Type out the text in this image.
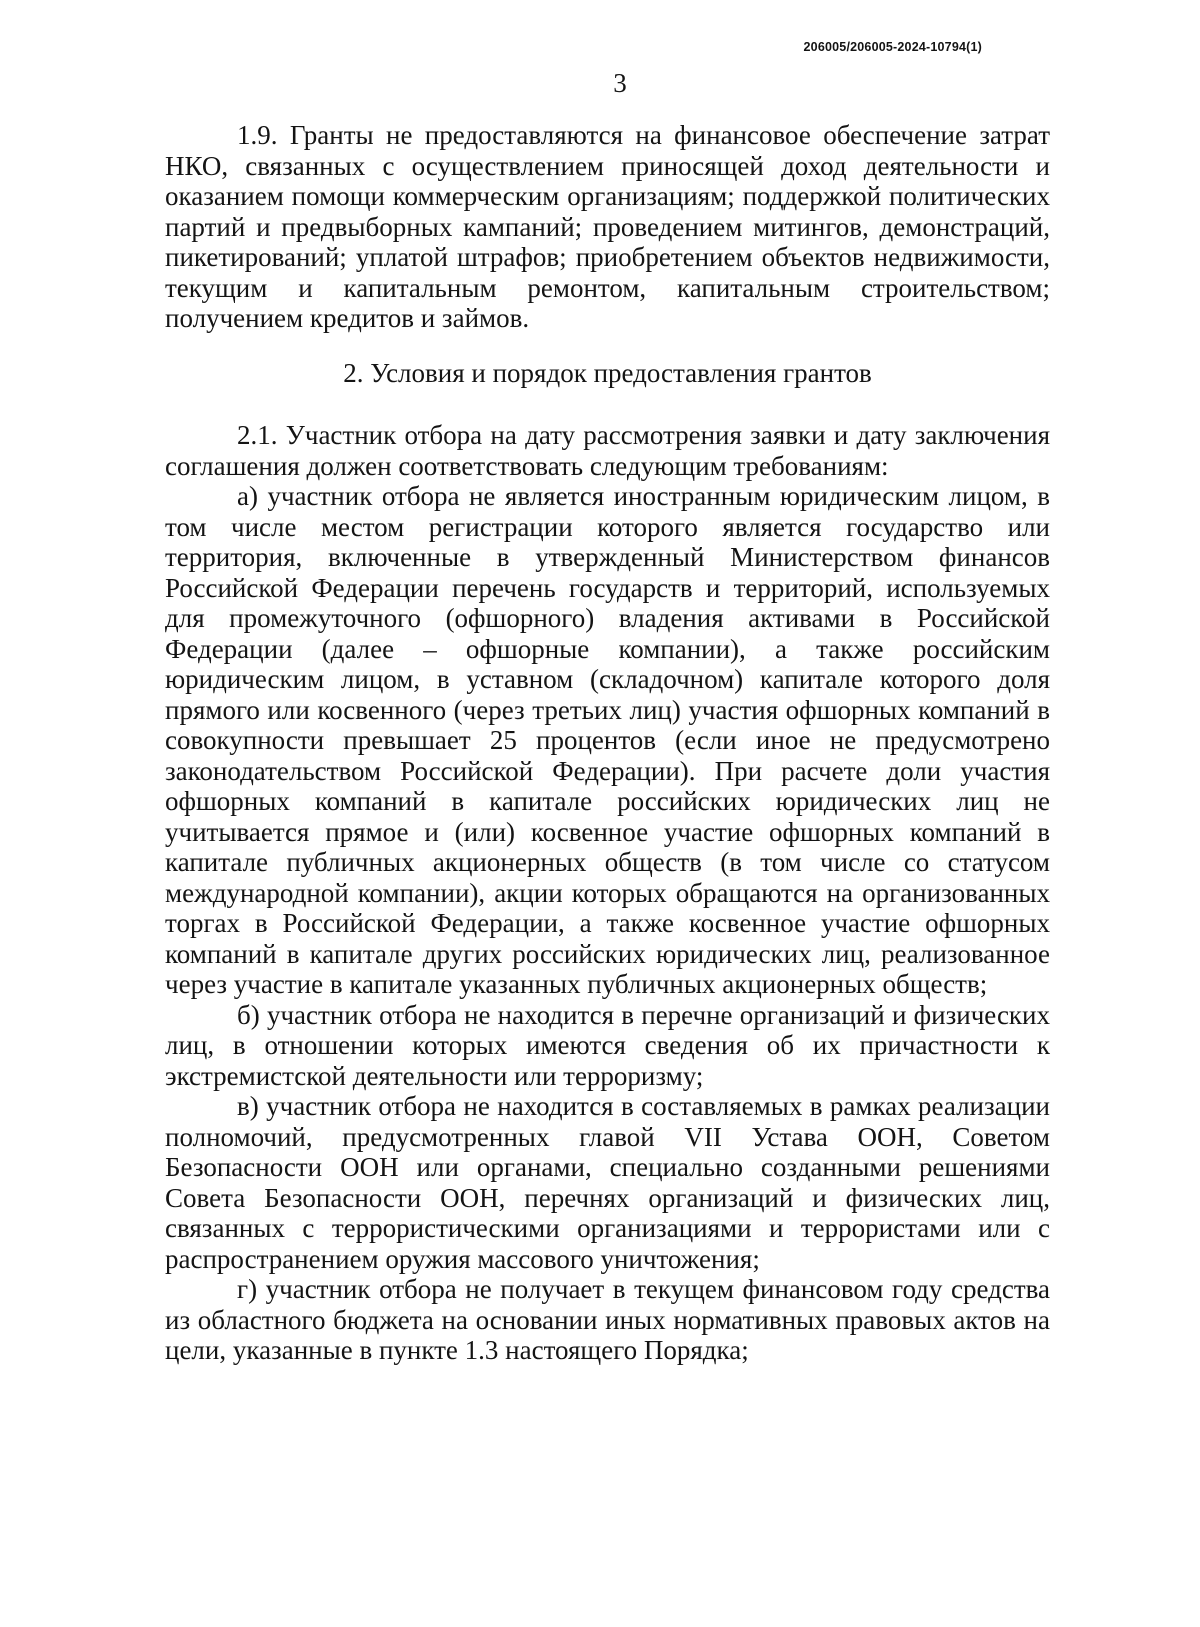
206005/206005-2024-10794(1)
3

1.9. Гранты не предоставляются на финансовое обеспечение затрат НКО, связанных с осуществлением приносящей доход деятельности и оказанием помощи коммерческим организациям; поддержкой политических партий и предвыборных кампаний; проведением митингов, демонстраций, пикетирований; уплатой штрафов; приобретением объектов недвижимости, текущим и капитальным ремонтом, капитальным строительством; получением кредитов и займов.

2. Условия и порядок предоставления грантов

2.1. Участник отбора на дату рассмотрения заявки и дату заключения соглашения должен соответствовать следующим требованиям:

а) участник отбора не является иностранным юридическим лицом, в том числе местом регистрации которого является государство или территория, включенные в утвержденный Министерством финансов Российской Федерации перечень государств и территорий, используемых для промежуточного (офшорного) владения активами в Российской Федерации (далее – офшорные компании), а также российским юридическим лицом, в уставном (складочном) капитале которого доля прямого или косвенного (через третьих лиц) участия офшорных компаний в совокупности превышает 25 процентов (если иное не предусмотрено законодательством Российской Федерации). При расчете доли участия офшорных компаний в капитале российских юридических лиц не учитывается прямое и (или) косвенное участие офшорных компаний в капитале публичных акционерных обществ (в том числе со статусом международной компании), акции которых обращаются на организованных торгах в Российской Федерации, а также косвенное участие офшорных компаний в капитале других российских юридических лиц, реализованное через участие в капитале указанных публичных акционерных обществ;

б) участник отбора не находится в перечне организаций и физических лиц, в отношении которых имеются сведения об их причастности к экстремистской деятельности или терроризму;

в) участник отбора не находится в составляемых в рамках реализации полномочий, предусмотренных главой VII Устава ООН, Советом Безопасности ООН или органами, специально созданными решениями Совета Безопасности ООН, перечнях организаций и физических лиц, связанных с террористическими организациями и террористами или с распространением оружия массового уничтожения;

г) участник отбора не получает в текущем финансовом году средства из областного бюджета на основании иных нормативных правовых актов на цели, указанные в пункте 1.3 настоящего Порядка;
